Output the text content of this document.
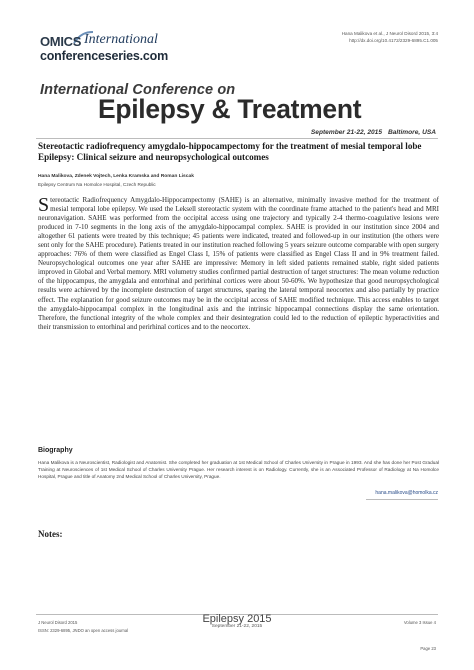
OMICS International
conferenceseries.com
Hana Malikova et al., J Neurol Disord 2015, 3:4
http://dx.doi.org/10.4172/2329-6895.C1.005
International Conference on
Epilepsy & Treatment
September 21-22, 2015 Baltimore, USA
Stereotactic radiofrequency amygdalo-hippocampectomy for the treatment of mesial temporal lobe Epilepsy: Clinical seizure and neuropsychological outcomes
Hana Malikova, Zdenek Vojtech, Lenka Kramska and Roman Liscak
Epilepsy Centrum Na Homolce Hospital, Czech Republic
Stereotactic Radiofrequency Amygdalo-Hippocampectomy (SAHE) is an alternative, minimally invasive method for the treatment of mesial temporal lobe epilepsy. We used the Leksell stereotactic system with the coordinate frame attached to the patient's head and MRI neuronavigation. SAHE was performed from the occipital access using one trajectory and typically 2-4 thermo-coagulative lesions were produced in 7-10 segments in the long axis of the amygdalo-hippocampal complex. SAHE is provided in our institution since 2004 and altogether 61 patients were treated by this technique; 45 patients were indicated, treated and followed-up in our institution (the others were sent only for the SAHE procedure). Patients treated in our institution reached following 5 years seizure outcome comparable with open surgery approaches: 76% of them were classified as Engel Class I, 15% of patients were classified as Engel Class II and in 9% treatment failed. Neuropsychological outcomes one year after SAHE are impressive: Memory in left sided patients remained stable, right sided patients improved in Global and Verbal memory. MRI volumetry studies confirmed partial destruction of target structures: The mean volume reduction of the hippocampus, the amygdala and entorhinal and perirhinal cortices were about 50-60%. We hypothesize that good neuropsychological results were achieved by the incomplete destruction of target structures, sparing the lateral temporal neocortex and also partially by practice effect. The explanation for good seizure outcomes may be in the occipital access of SAHE modified technique. This access enables to target the amygdalo-hippocampal complex in the longitudinal axis and the intrinsic hippocampal connections display the same orientation. Therefore, the functional integrity of the whole complex and their desintegration could led to the reduction of epileptic hyperactivities and their transmission to entorhinal and perirhinal cortices and to the neocortex.
Biography
Hana Malikova is a Neuroscientist, Radiologist and Anatomist. She completed her graduation at 1st Medical School of Charles University in Prague in 1993. And she has done her Post Gradual Training at Neurosciences of 1st Medical School of Charles University Prague. Her research interest is on Radiology. Currently, she is an Associated Professor of Radiology at Na Homolce Hospital, Prague and title of Anatomy 2nd Medical School of Charles University, Prague.
hana.malikova@homolka.cz
Notes:
J Neurol Disord 2015
ISSN: 2329-6895, JNDO an open access journal
Epilepsy 2015
September 21-22, 2015
Volume 3 Issue 4
Page 23
